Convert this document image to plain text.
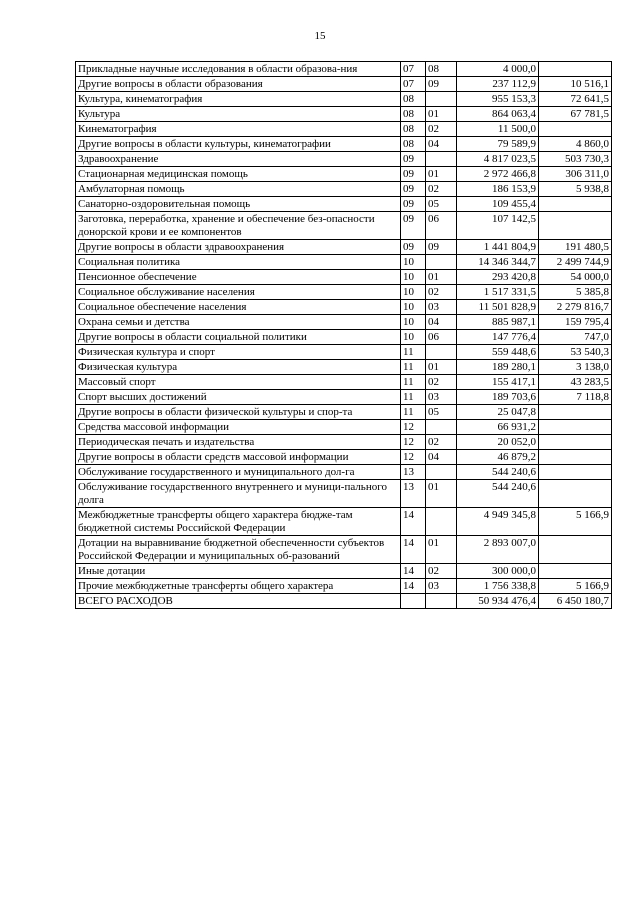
15
Прикладные научные исследования в области образова-ния	07	08	4 000,0	
Другие вопросы в области образования	07	09	237 112,9	10 516,1
Культура, кинематография	08		955 153,3	72 641,5
Культура	08	01	864 063,4	67 781,5
Кинематография	08	02	11 500,0	
Другие вопросы в области культуры, кинематографии	08	04	79 589,9	4 860,0
Здравоохранение	09		4 817 023,5	503 730,3
Стационарная медицинская помощь	09	01	2 972 466,8	306 311,0
Амбулаторная помощь	09	02	186 153,9	5 938,8
Санаторно-оздоровительная помощь	09	05	109 455,4	
Заготовка, переработка, хранение и обеспечение без-опасности донорской крови и ее компонентов	09	06	107 142,5	
Другие вопросы в области здравоохранения	09	09	1 441 804,9	191 480,5
Социальная политика	10		14 346 344,7	2 499 744,9
Пенсионное обеспечение	10	01	293 420,8	54 000,0
Социальное обслуживание населения	10	02	1 517 331,5	5 385,8
Социальное обеспечение населения	10	03	11 501 828,9	2 279 816,7
Охрана семьи и детства	10	04	885 987,1	159 795,4
Другие вопросы в области социальной политики	10	06	147 776,4	747,0
Физическая культура и спорт	11		559 448,6	53 540,3
Физическая культура	11	01	189 280,1	3 138,0
Массовый спорт	11	02	155 417,1	43 283,5
Спорт высших достижений	11	03	189 703,6	7 118,8
Другие вопросы в области физической культуры и спор-та	11	05	25 047,8	
Средства массовой информации	12		66 931,2	
Периодическая печать и издательства	12	02	20 052,0	
Другие вопросы в области средств массовой информации	12	04	46 879,2	
Обслуживание государственного и муниципального дол-га	13		544 240,6	
Обслуживание государственного внутреннего и муници-пального долга	13	01	544 240,6	
Межбюджетные трансферты общего характера бюдже-там бюджетной системы Российской Федерации	14		4 949 345,8	5 166,9
Дотации на выравнивание бюджетной обеспеченности субъектов Российской Федерации и муниципальных об-разований	14	01	2 893 007,0	
Иные дотации	14	02	300 000,0	
Прочие межбюджетные трансферты общего характера	14	03	1 756 338,8	5 166,9
ВСЕГО РАСХОДОВ			50 934 476,4	6 450 180,7
